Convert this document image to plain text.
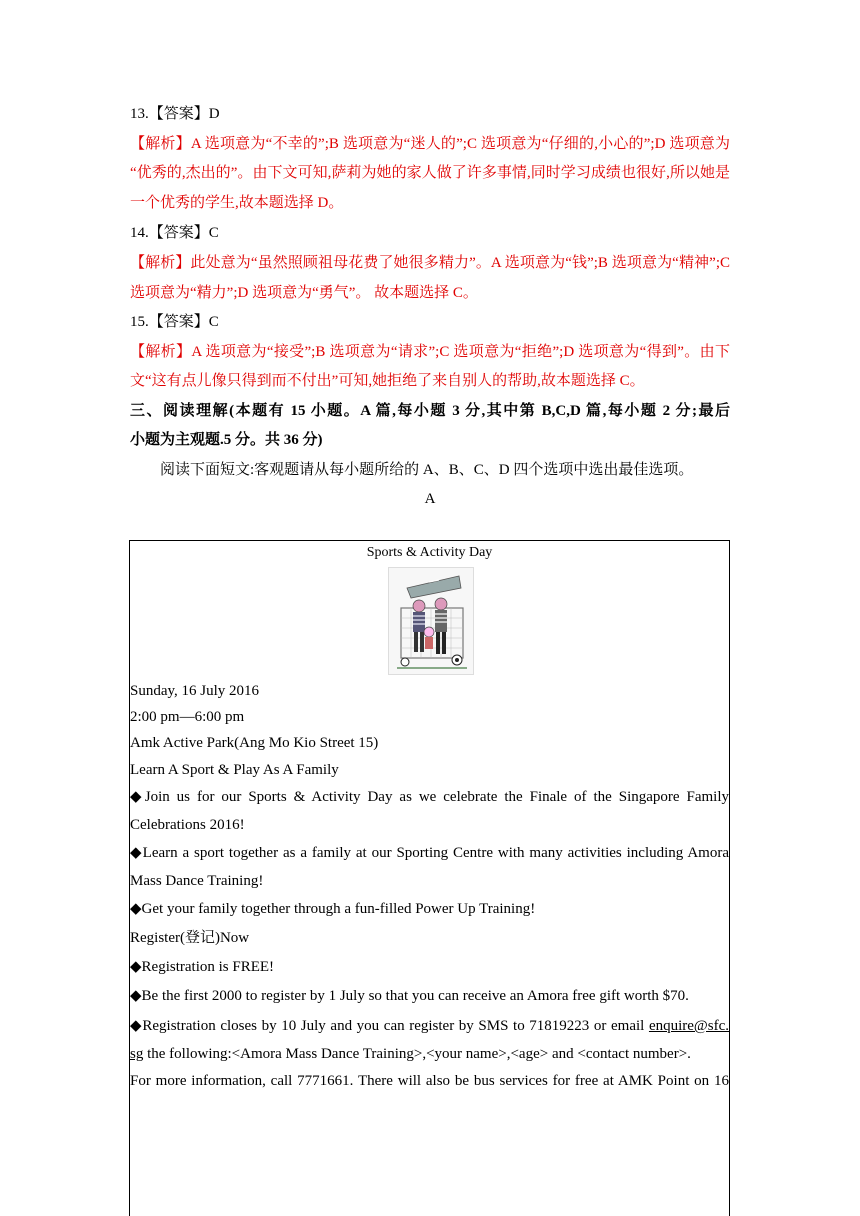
13.【答案】D
【解析】A 选项意为“不幸的”;B 选项意为“迷人的”;C 选项意为“仔细的,小心的”;D 选项意为
“优秀的,杰出的”。由下文可知,萨莉为她的家人做了许多事情,同时学习成绩也很好,所以她是
一个优秀的学生,故本题选择 D。
14.【答案】C
【解析】此处意为“虽然照顾祖母花费了她很多精力”。A 选项意为“钱”;B 选项意为“精神”;C
选项意为“精力”;D 选项意为“勇气”。 故本题选择 C。
15.【答案】C
【解析】A 选项意为“接受”;B 选项意为“请求”;C 选项意为“拒绝”;D 选项意为“得到”。由下
文“这有点儿像只得到而不付出”可知,她拒绝了来自别人的帮助,故本题选择 C。
三、阅读理解(本题有 15 小题。A 篇,每小题 3 分,其中第 B,C,D 篇,每小题 2 分;最后
小题为主观题.5 分。共 36 分)
阅读下面短文:客观题请从每小题所给的 A、B、C、D 四个选项中选出最佳选项。
A
Sports & Activity Day
Sunday, 16 July 2016
2:00 pm—6:00 pm
Amk Active Park(Ang Mo Kio Street 15)
Learn A Sport & Play As A Family
◆Join us for our Sports & Activity Day as we celebrate the Finale of the Singapore Family
Celebrations 2016!
◆Learn a sport together as a family at our Sporting Centre with many activities including Amora
Mass Dance Training!
◆Get your family together through a fun-filled Power Up Training!
Register(登记)Now
◆Registration is FREE!
◆Be the first 2000 to register by 1 July so that you can receive an Amora free gift worth $70.
◆Registration closes by 10 July and you can register by SMS to 71819223 or email enquire@sfc.
sg the following:<Amora Mass Dance Training>,<your name>,<age> and <contact number>.
For more information, call 7771661. There will also be bus services for free at AMK Point on 16
